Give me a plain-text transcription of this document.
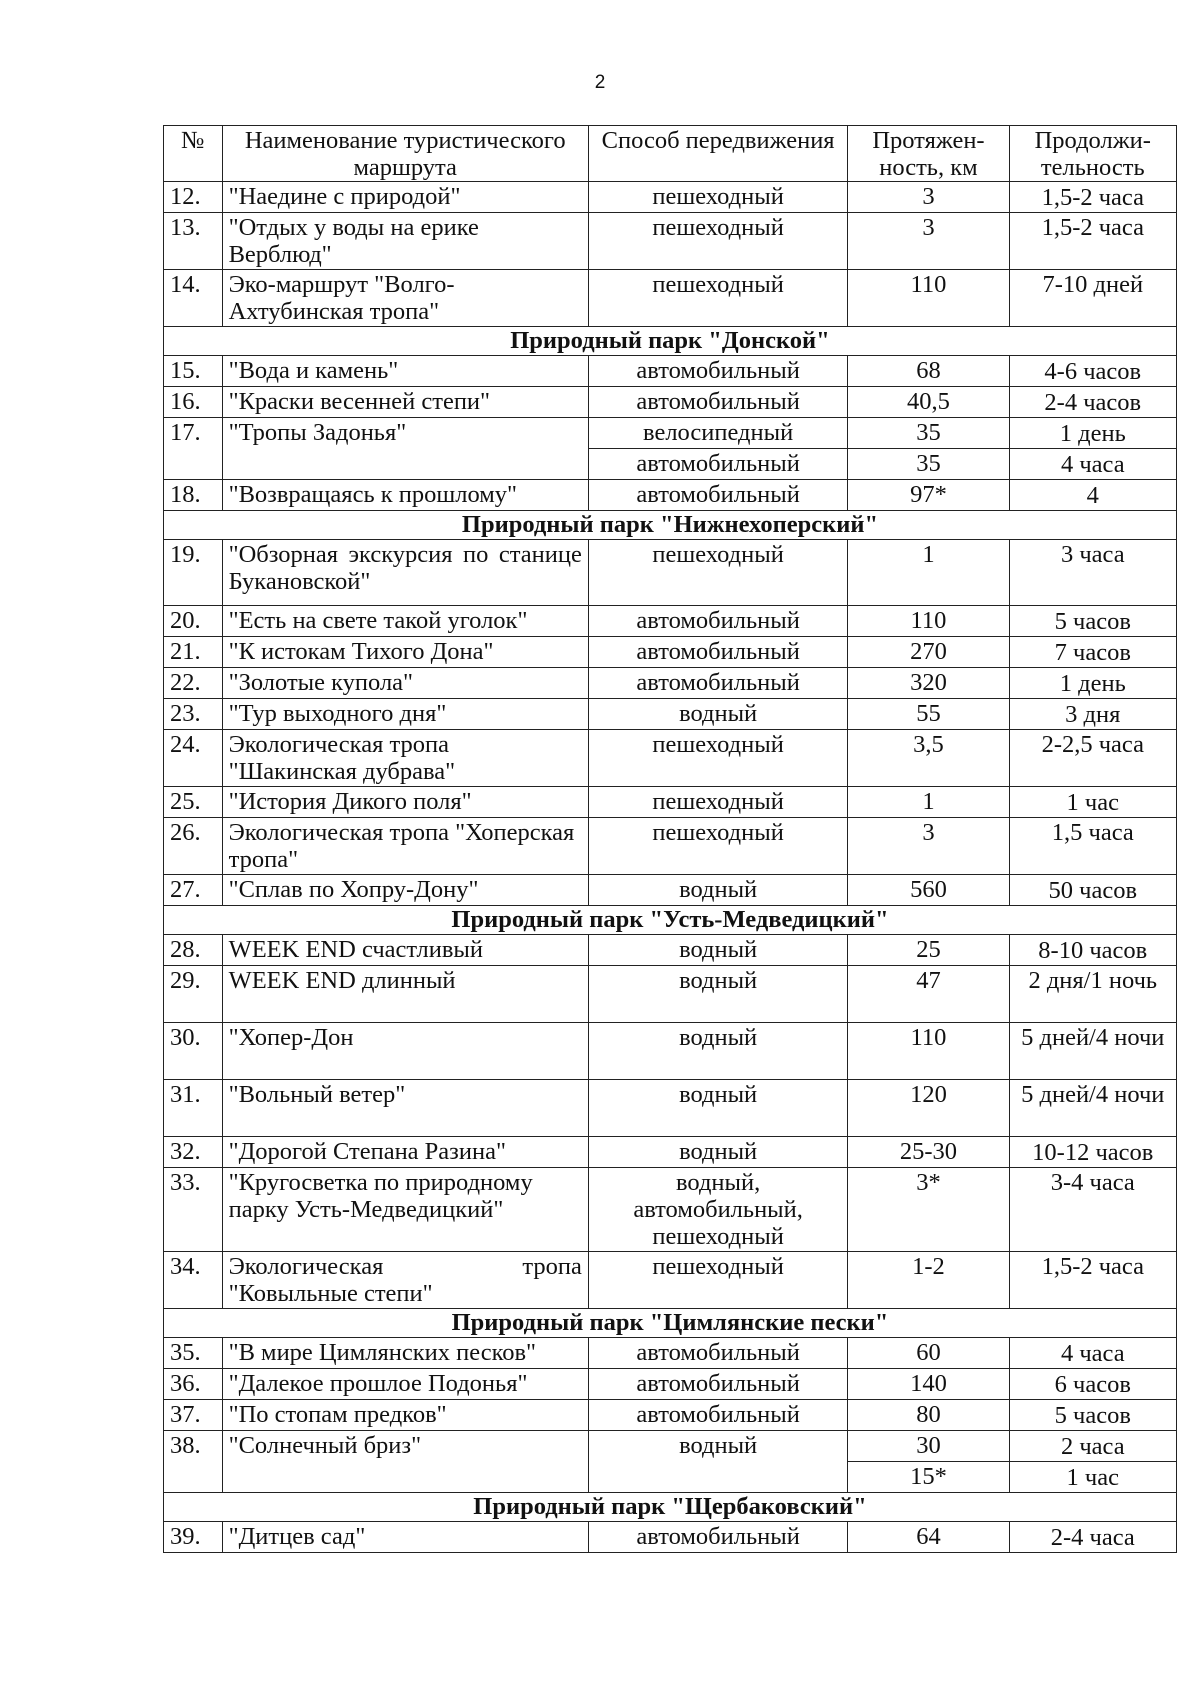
2
№	Наименование туристического маршрута	Способ передвижения	Протяжен-ность, км	Продолжи-тельность
12.	"Наедине с природой"	пешеходный	3	1,5-2 часа
13.	"Отдых у воды на ерике Верблюд"	пешеходный	3	1,5-2 часа
14.	Эко-маршрут "Волго-Ахтубинская тропа"	пешеходный	110	7-10 дней
Природный парк "Донской"				
15.	"Вода и камень"	автомобильный	68	4-6 часов
16.	"Краски весенней степи"	автомобильный	40,5	2-4 часов
17.	"Тропы Задонья"	велосипедный	35	1 день
		автомобильный	35	4 часа
18.	"Возвращаясь к прошлому"	автомобильный	97*	4
Природный парк "Нижнехоперский"				
19.	"Обзорная экскурсия по станице Букановской"	пешеходный	1	3 часа
20.	"Есть на свете такой уголок"	автомобильный	110	5 часов
21.	"К истокам Тихого Дона"	автомобильный	270	7 часов
22.	"Золотые купола"	автомобильный	320	1 день
23.	"Тур выходного дня"	водный	55	3 дня
24.	Экологическая тропа "Шакинская дубрава"	пешеходный	3,5	2-2,5 часа
25.	"История Дикого поля"	пешеходный	1	1 час
26.	Экологическая тропа "Хоперская тропа"	пешеходный	3	1,5 часа
27.	"Сплав по Хопру-Дону"	водный	560	50 часов
Природный парк "Усть-Медведицкий"				
28.	WEEK END счастливый	водный	25	8-10 часов
29.	WEEK END длинный	водный	47	2 дня/1 ночь
30.	"Хопер-Дон	водный	110	5 дней/4 ночи
31.	"Вольный ветер"	водный	120	5 дней/4 ночи
32.	"Дорогой Степана Разина"	водный	25-30	10-12 часов
33.	"Кругосветка по природному парку Усть-Медведицкий"	водный, автомобильный, пешеходный	3*	3-4 часа
34.	Экологическая тропа "Ковыльные степи"	пешеходный	1-2	1,5-2 часа
Природный парк "Цимлянские пески"				
35.	"В мире Цимлянских песков"	автомобильный	60	4 часа
36.	"Далекое прошлое Подонья"	автомобильный	140	6 часов
37.	"По стопам предков"	автомобильный	80	5 часов
38.	"Солнечный бриз"	водный	30	2 часа
			15*	1 час
Природный парк "Щербаковский"				
39.	"Дитцев сад"	автомобильный	64	2-4 часа
